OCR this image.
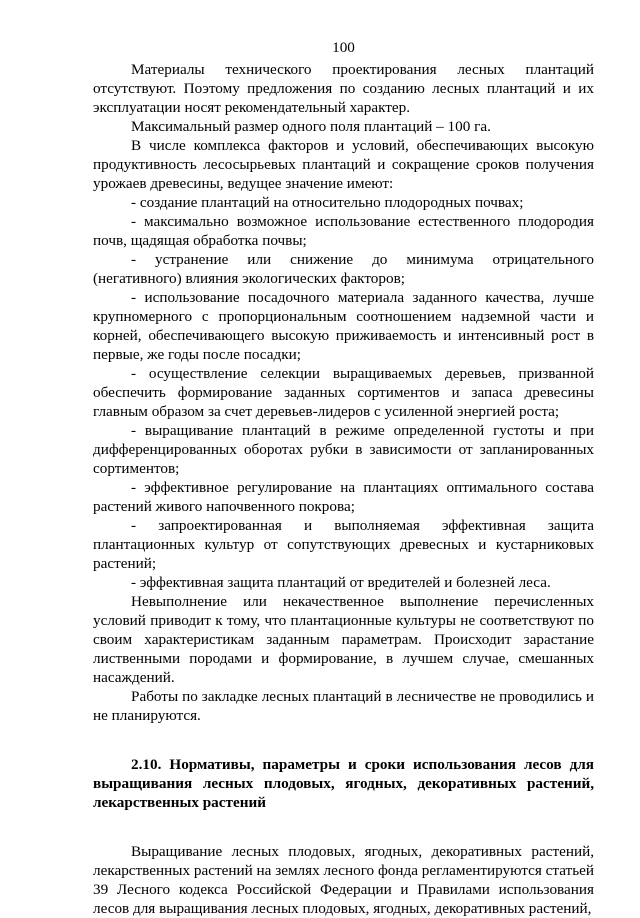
100

Материалы технического проектирования лесных плантаций отсутствуют. Поэтому предложения по созданию лесных плантаций и их эксплуатации носят рекомендательный характер.

Максимальный размер одного поля плантаций – 100 га.

В числе комплекса факторов и условий, обеспечивающих высокую продуктивность лесосырьевых плантаций и сокращение сроков получения урожаев древесины, ведущее значение имеют:

- создание плантаций на относительно плодородных почвах;

- максимально возможное использование естественного плодородия почв, щадящая обработка почвы;

- устранение или снижение до минимума отрицательного (негативного) влияния экологических факторов;

- использование посадочного материала заданного качества, лучше крупномерного с пропорциональным соотношением надземной части и корней, обеспечивающего высокую приживаемость и интенсивный рост в первые, же годы после посадки;

- осуществление селекции выращиваемых деревьев, призванной обеспечить формирование заданных сортиментов и запаса древесины главным образом за счет деревьев-лидеров с усиленной энергией роста;

- выращивание плантаций в режиме определенной густоты и при дифференцированных оборотах рубки в зависимости от запланированных сортиментов;

- эффективное регулирование на плантациях оптимального состава растений живого напочвенного покрова;

- запроектированная и выполняемая эффективная защита плантационных культур от сопутствующих древесных и кустарниковых растений;

- эффективная защита плантаций от вредителей и болезней леса.

Невыполнение или некачественное выполнение перечисленных условий приводит к тому, что плантационные культуры не соответствуют по своим характеристикам заданным параметрам. Происходит зарастание лиственными породами и формирование, в лучшем случае, смешанных насаждений.

Работы по закладке лесных плантаций в лесничестве не проводились и не планируются.

2.10. Нормативы, параметры и сроки использования лесов для выращивания лесных плодовых, ягодных, декоративных растений, лекарственных растений

Выращивание лесных плодовых, ягодных, декоративных растений, лекарственных растений на землях лесного фонда регламентируются статьей 39 Лесного кодекса Российской Федерации и Правилами использования лесов для выращивания лесных плодовых, ягодных, декоративных растений,
